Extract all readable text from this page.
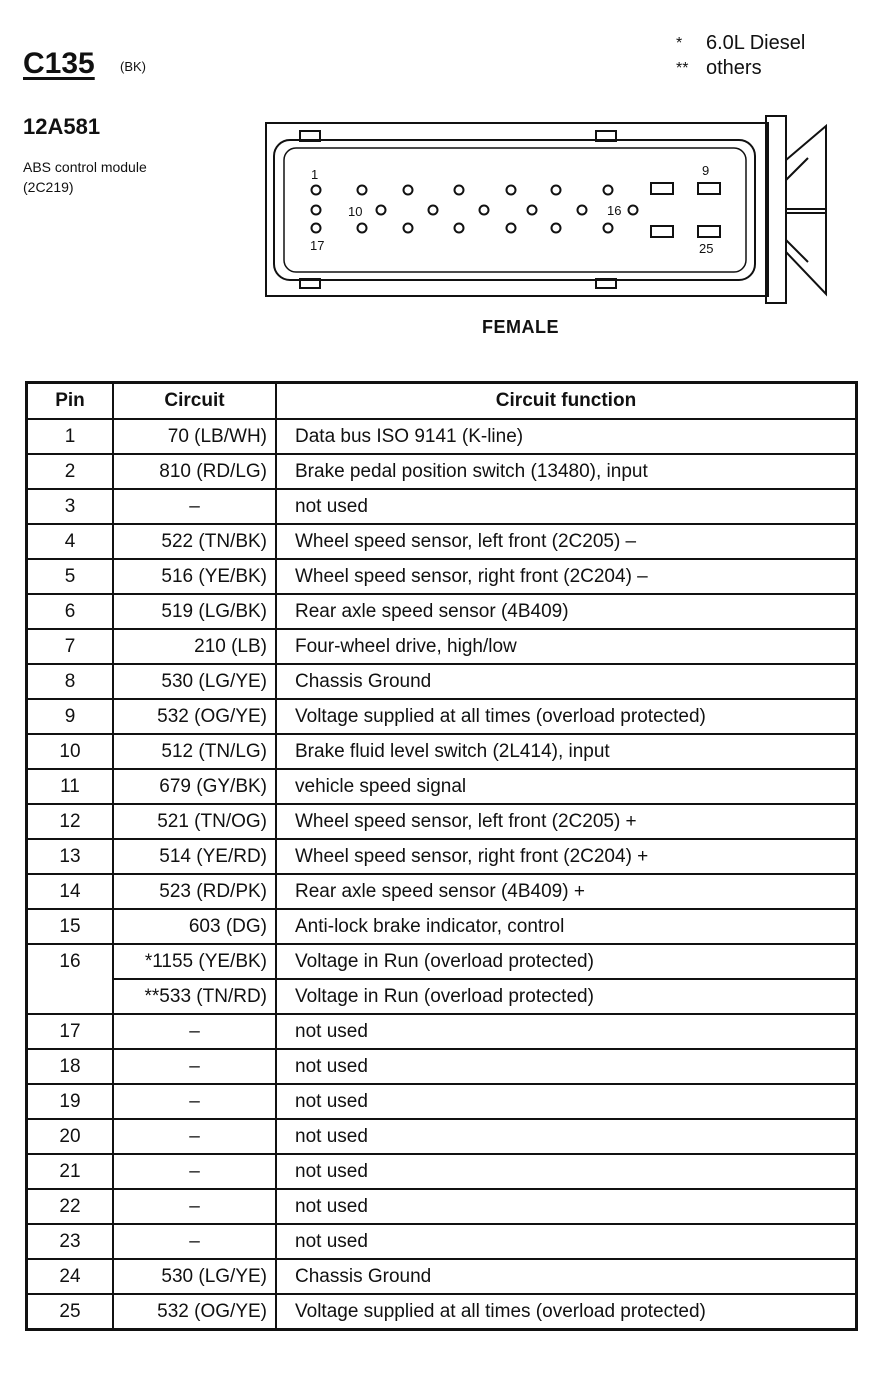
C135 (BK)
*	6.0L Diesel
** others
12A581
ABS control module (2C219)
1	9
10	16
17	25
FEMALE
Pin	Circuit	Circuit function
1	70 (LB/WH)	Data bus ISO 9141 (K-line)
2	810 (RD/LG)	Brake pedal position switch (13480), input
3	–	not used
4	522 (TN/BK)	Wheel speed sensor, left front (2C205) –
5	516 (YE/BK)	Wheel speed sensor, right front (2C204) –
6	519 (LG/BK)	Rear axle speed sensor (4B409)
7	210 (LB)	Four-wheel drive, high/low
8	530 (LG/YE)	Chassis Ground
9	532 (OG/YE)	Voltage supplied at all times (overload protected)
10	512 (TN/LG)	Brake fluid level switch (2L414), input
11	679 (GY/BK)	vehicle speed signal
12	521 (TN/OG)	Wheel speed sensor, left front (2C205) +
13	514 (YE/RD)	Wheel speed sensor, right front (2C204) +
14	523 (RD/PK)	Rear axle speed sensor (4B409) +
15	603 (DG)	Anti-lock brake indicator, control
16	*1155 (YE/BK)	Voltage in Run (overload protected)
	**533 (TN/RD)	Voltage in Run (overload protected)
17	–	not used
18	–	not used
19	–	not used
20	–	not used
21	–	not used
22	–	not used
23	–	not used
24	530 (LG/YE)	Chassis Ground
25	532 (OG/YE)	Voltage supplied at all times (overload protected)
